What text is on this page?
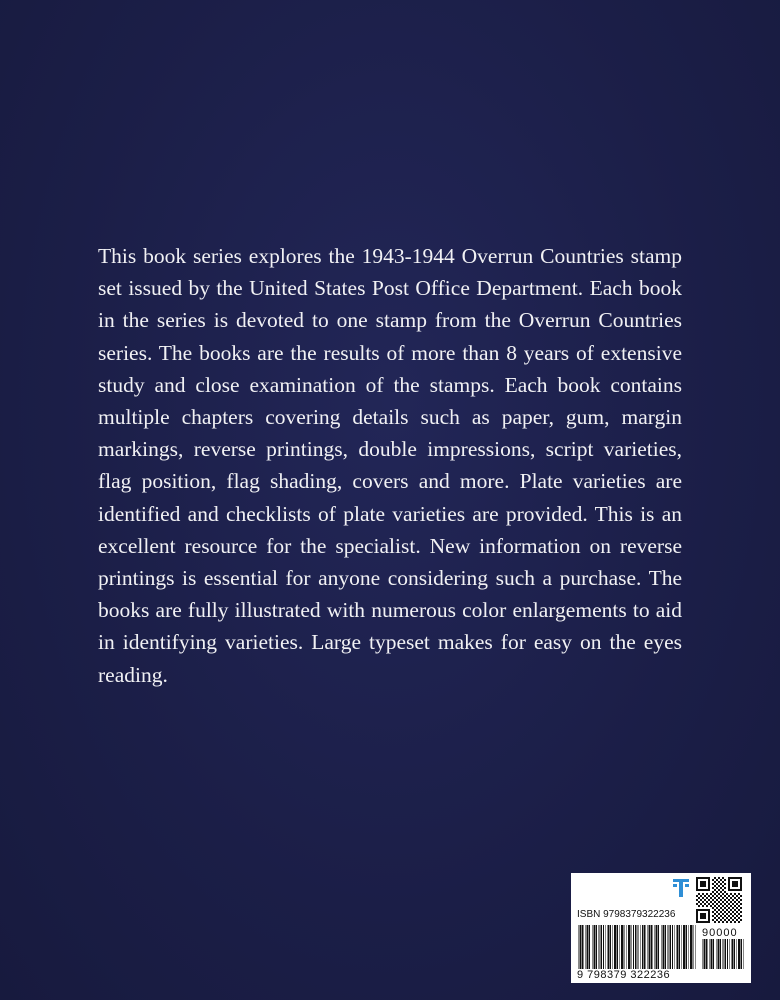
This book series explores the 1943-1944 Overrun Countries stamp set issued by the United States Post Office Department. Each book in the series is devoted to one stamp from the Overrun Countries series. The books are the results of more than 8 years of extensive study and close examination of the stamps. Each book contains multiple chapters covering details such as paper, gum, margin markings, reverse printings, double impressions, script varieties, flag position, flag shading, covers and more. Plate varieties are identified and checklists of plate varieties are provided. This is an excellent resource for the specialist. New information on reverse printings is essential for anyone considering such a purchase. The books are fully illustrated with numerous color enlargements to aid in identifying varieties. Large typeset makes for easy on the eyes reading.

ISBN 9798379322236
90000
9 798379 322236
